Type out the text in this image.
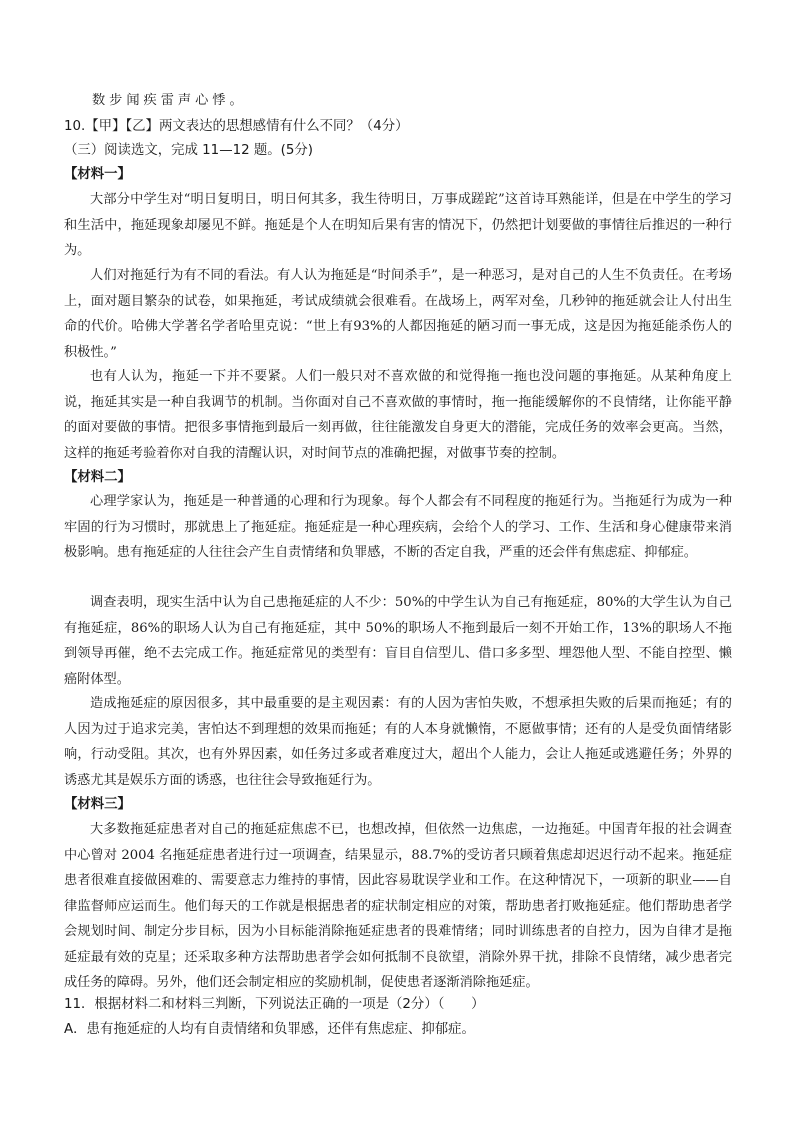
数步闻疾雷声心悸。

10.【甲】【乙】两文表达的思想感情有什么不同？（4分）

（三）阅读选文，完成 11—12 题。(5分)

【材料一】

大部分中学生对“明日复明日，明日何其多，我生待明日，万事成蹉跎”这首诗耳熟能详，但是在中学生的学习和生活中，拖延现象却屡见不鲜。拖延是个人在明知后果有害的情况下，仍然把计划要做的事情往后推迟的一种行为。

人们对拖延行为有不同的看法。有人认为拖延是“时间杀手”，是一种恶习，是对自己的人生不负责任。在考场上，面对题目繁杂的试卷，如果拖延，考试成绩就会很难看。在战场上，两军对垒，几秒钟的拖延就会让人付出生命的代价。哈佛大学著名学者哈里克说：“世上有93%的人都因拖延的陋习而一事无成，这是因为拖延能杀伤人的积极性。”

也有人认为，拖延一下并不要紧。人们一般只对不喜欢做的和觉得拖一拖也没问题的事拖延。从某种角度上说，拖延其实是一种自我调节的机制。当你面对自己不喜欢做的事情时，拖一拖能缓解你的不良情绪，让你能平静的面对要做的事情。把很多事情拖到最后一刻再做，往往能激发自身更大的潜能，完成任务的效率会更高。当然，这样的拖延考验着你对自我的清醒认识，对时间节点的准确把握，对做事节奏的控制。

【材料二】

心理学家认为，拖延是一种普通的心理和行为现象。每个人都会有不同程度的拖延行为。当拖延行为成为一种牢固的行为习惯时，那就患上了拖延症。拖延症是一种心理疾病，会给个人的学习、工作、生活和身心健康带来消极影响。患有拖延症的人往往会产生自责情绪和负罪感，不断的否定自我，严重的还会伴有焦虑症、抑郁症。

调查表明，现实生活中认为自己患拖延症的人不少：50%的中学生认为自己有拖延症，80%的大学生认为自己有拖延症，86%的职场人认为自己有拖延症，其中 50%的职场人不拖到最后一刻不开始工作，13%的职场人不拖到领导再催，绝不去完成工作。拖延症常见的类型有：盲目自信型儿、借口多多型、埋怨他人型、不能自控型、懒癌附体型。

造成拖延症的原因很多，其中最重要的是主观因素：有的人因为害怕失败，不想承担失败的后果而拖延；有的人因为过于追求完美，害怕达不到理想的效果而拖延；有的人本身就懒惰，不愿做事情；还有的人是受负面情绪影响，行动受阻。其次，也有外界因素，如任务过多或者难度过大，超出个人能力，会让人拖延或逃避任务；外界的诱惑尤其是娱乐方面的诱惑，也往往会导致拖延行为。

【材料三】

大多数拖延症患者对自己的拖延症焦虑不已，也想改掉，但依然一边焦虑，一边拖延。中国青年报的社会调查中心曾对 2004 名拖延症患者进行过一项调查，结果显示，88.7%的受访者只顾着焦虑却迟迟行动不起来。拖延症患者很难直接做困难的、需要意志力维持的事情，因此容易耽误学业和工作。在这种情况下，一项新的职业——自律监督师应运而生。他们每天的工作就是根据患者的症状制定相应的对策，帮助患者打败拖延症。他们帮助患者学会规划时间、制定分步目标，因为小目标能消除拖延症患者的畏难情绪；同时训练患者的自控力，因为自律才是拖延症最有效的克星；还采取多种方法帮助患者学会如何抵制不良欲望，消除外界干扰，排除不良情绪，减少患者完成任务的障碍。另外，他们还会制定相应的奖励机制，促使患者逐渐消除拖延症。

11．根据材料二和材料三判断，下列说法正确的一项是（2分）（　　）

A．患有拖延症的人均有自责情绪和负罪感，还伴有焦虑症、抑郁症。
